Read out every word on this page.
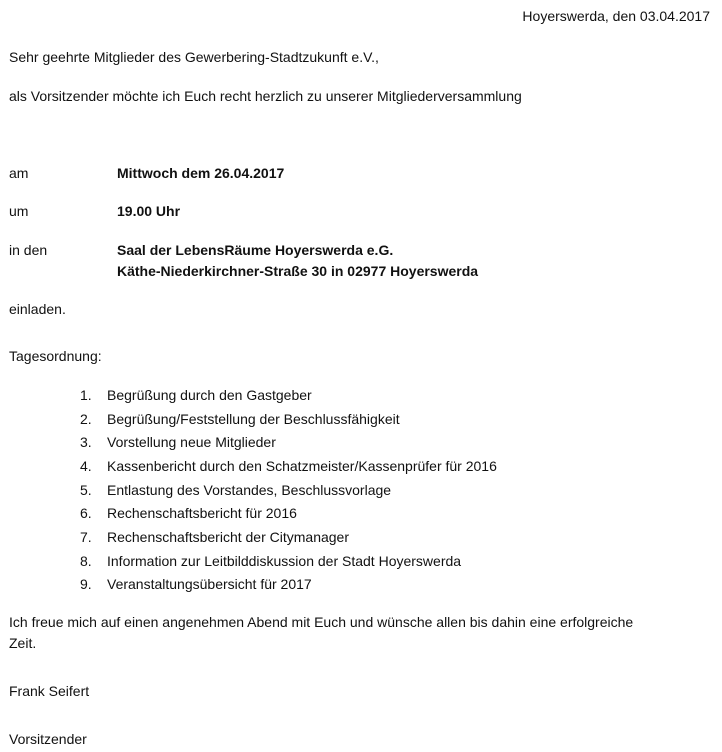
Hoyerswerda, den 03.04.2017
Sehr geehrte Mitglieder des Gewerbering-Stadtzukunft e.V.,
als Vorsitzender möchte ich Euch recht herzlich zu unserer Mitgliederversammlung
am	Mittwoch dem 26.04.2017
um	19.00 Uhr
in den	Saal der LebensRäume Hoyerswerda e.G.
Käthe-Niederkirchner-Straße 30 in 02977 Hoyerswerda
einladen.
Tagesordnung:
1.	Begrüßung durch den Gastgeber
2.	Begrüßung/Feststellung der Beschlussfähigkeit
3.	Vorstellung neue Mitglieder
4.	Kassenbericht durch den Schatzmeister/Kassenprüfer für 2016
5.	Entlastung des Vorstandes, Beschlussvorlage
6.	Rechenschaftsbericht für 2016
7.	Rechenschaftsbericht der Citymanager
8.	Information zur Leitbilddiskussion der Stadt Hoyerswerda
9.	Veranstaltungsübersicht für 2017
Ich freue mich auf einen angenehmen Abend mit Euch und wünsche allen bis dahin eine erfolgreiche
Zeit.
Frank Seifert
Vorsitzender
